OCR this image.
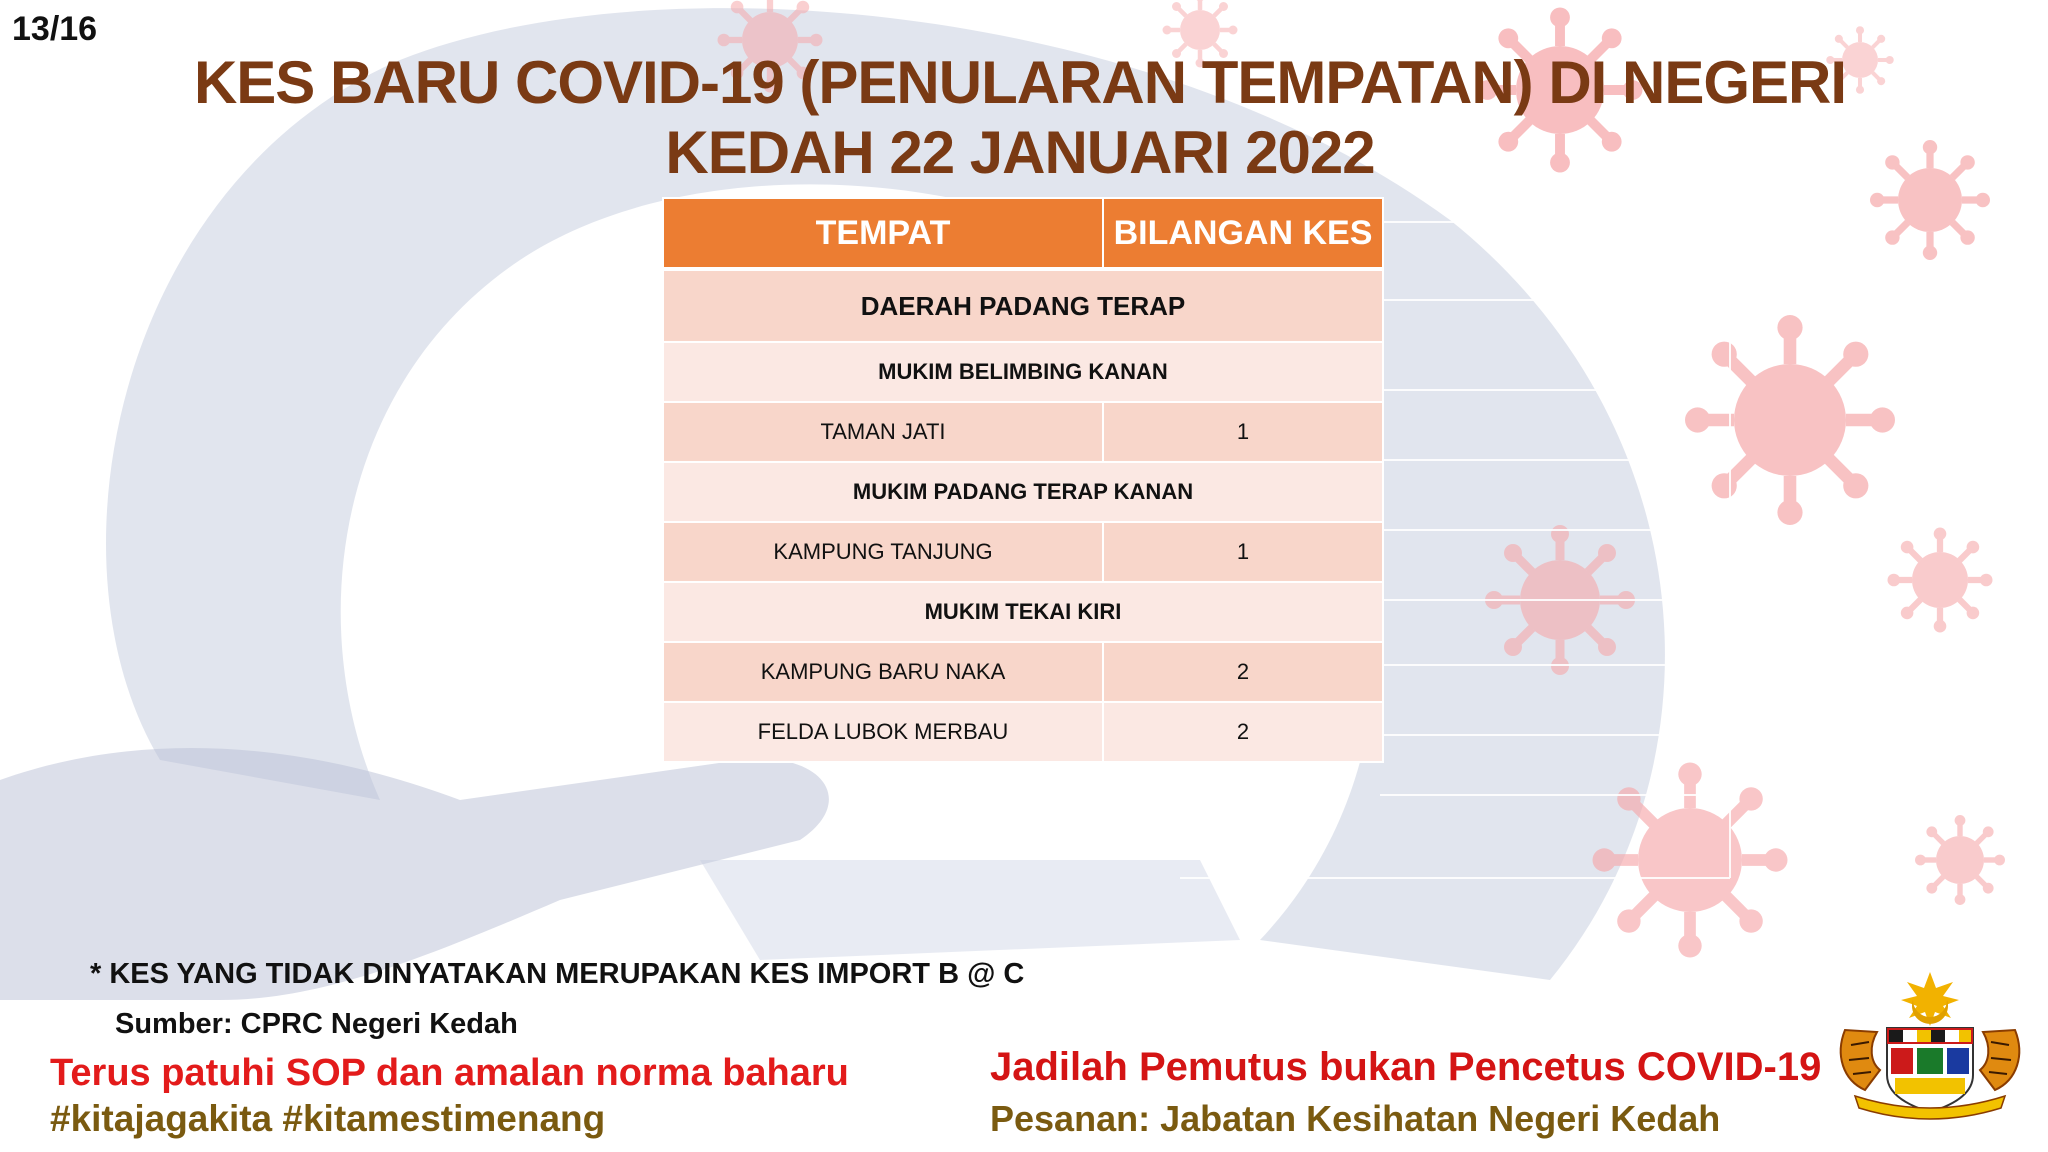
13/16
KES BARU COVID-19 (PENULARAN TEMPATAN) DI NEGERI
KEDAH 22 JANUARI 2022
TEMPAT	BILANGAN KES
DAERAH PADANG TERAP	
MUKIM BELIMBING KANAN	
TAMAN JATI	1
MUKIM PADANG TERAP KANAN	
KAMPUNG TANJUNG	1
MUKIM TEKAI KIRI	
KAMPUNG BARU NAKA	2
FELDA LUBOK MERBAU	2
* KES YANG TIDAK DINYATAKAN MERUPAKAN KES IMPORT B @ C
Sumber: CPRC Negeri Kedah
Terus patuhi SOP dan amalan norma baharu
#kitajagakita #kitamestimenang
Jadilah Pemutus bukan Pencetus COVID-19
Pesanan: Jabatan Kesihatan Negeri Kedah
